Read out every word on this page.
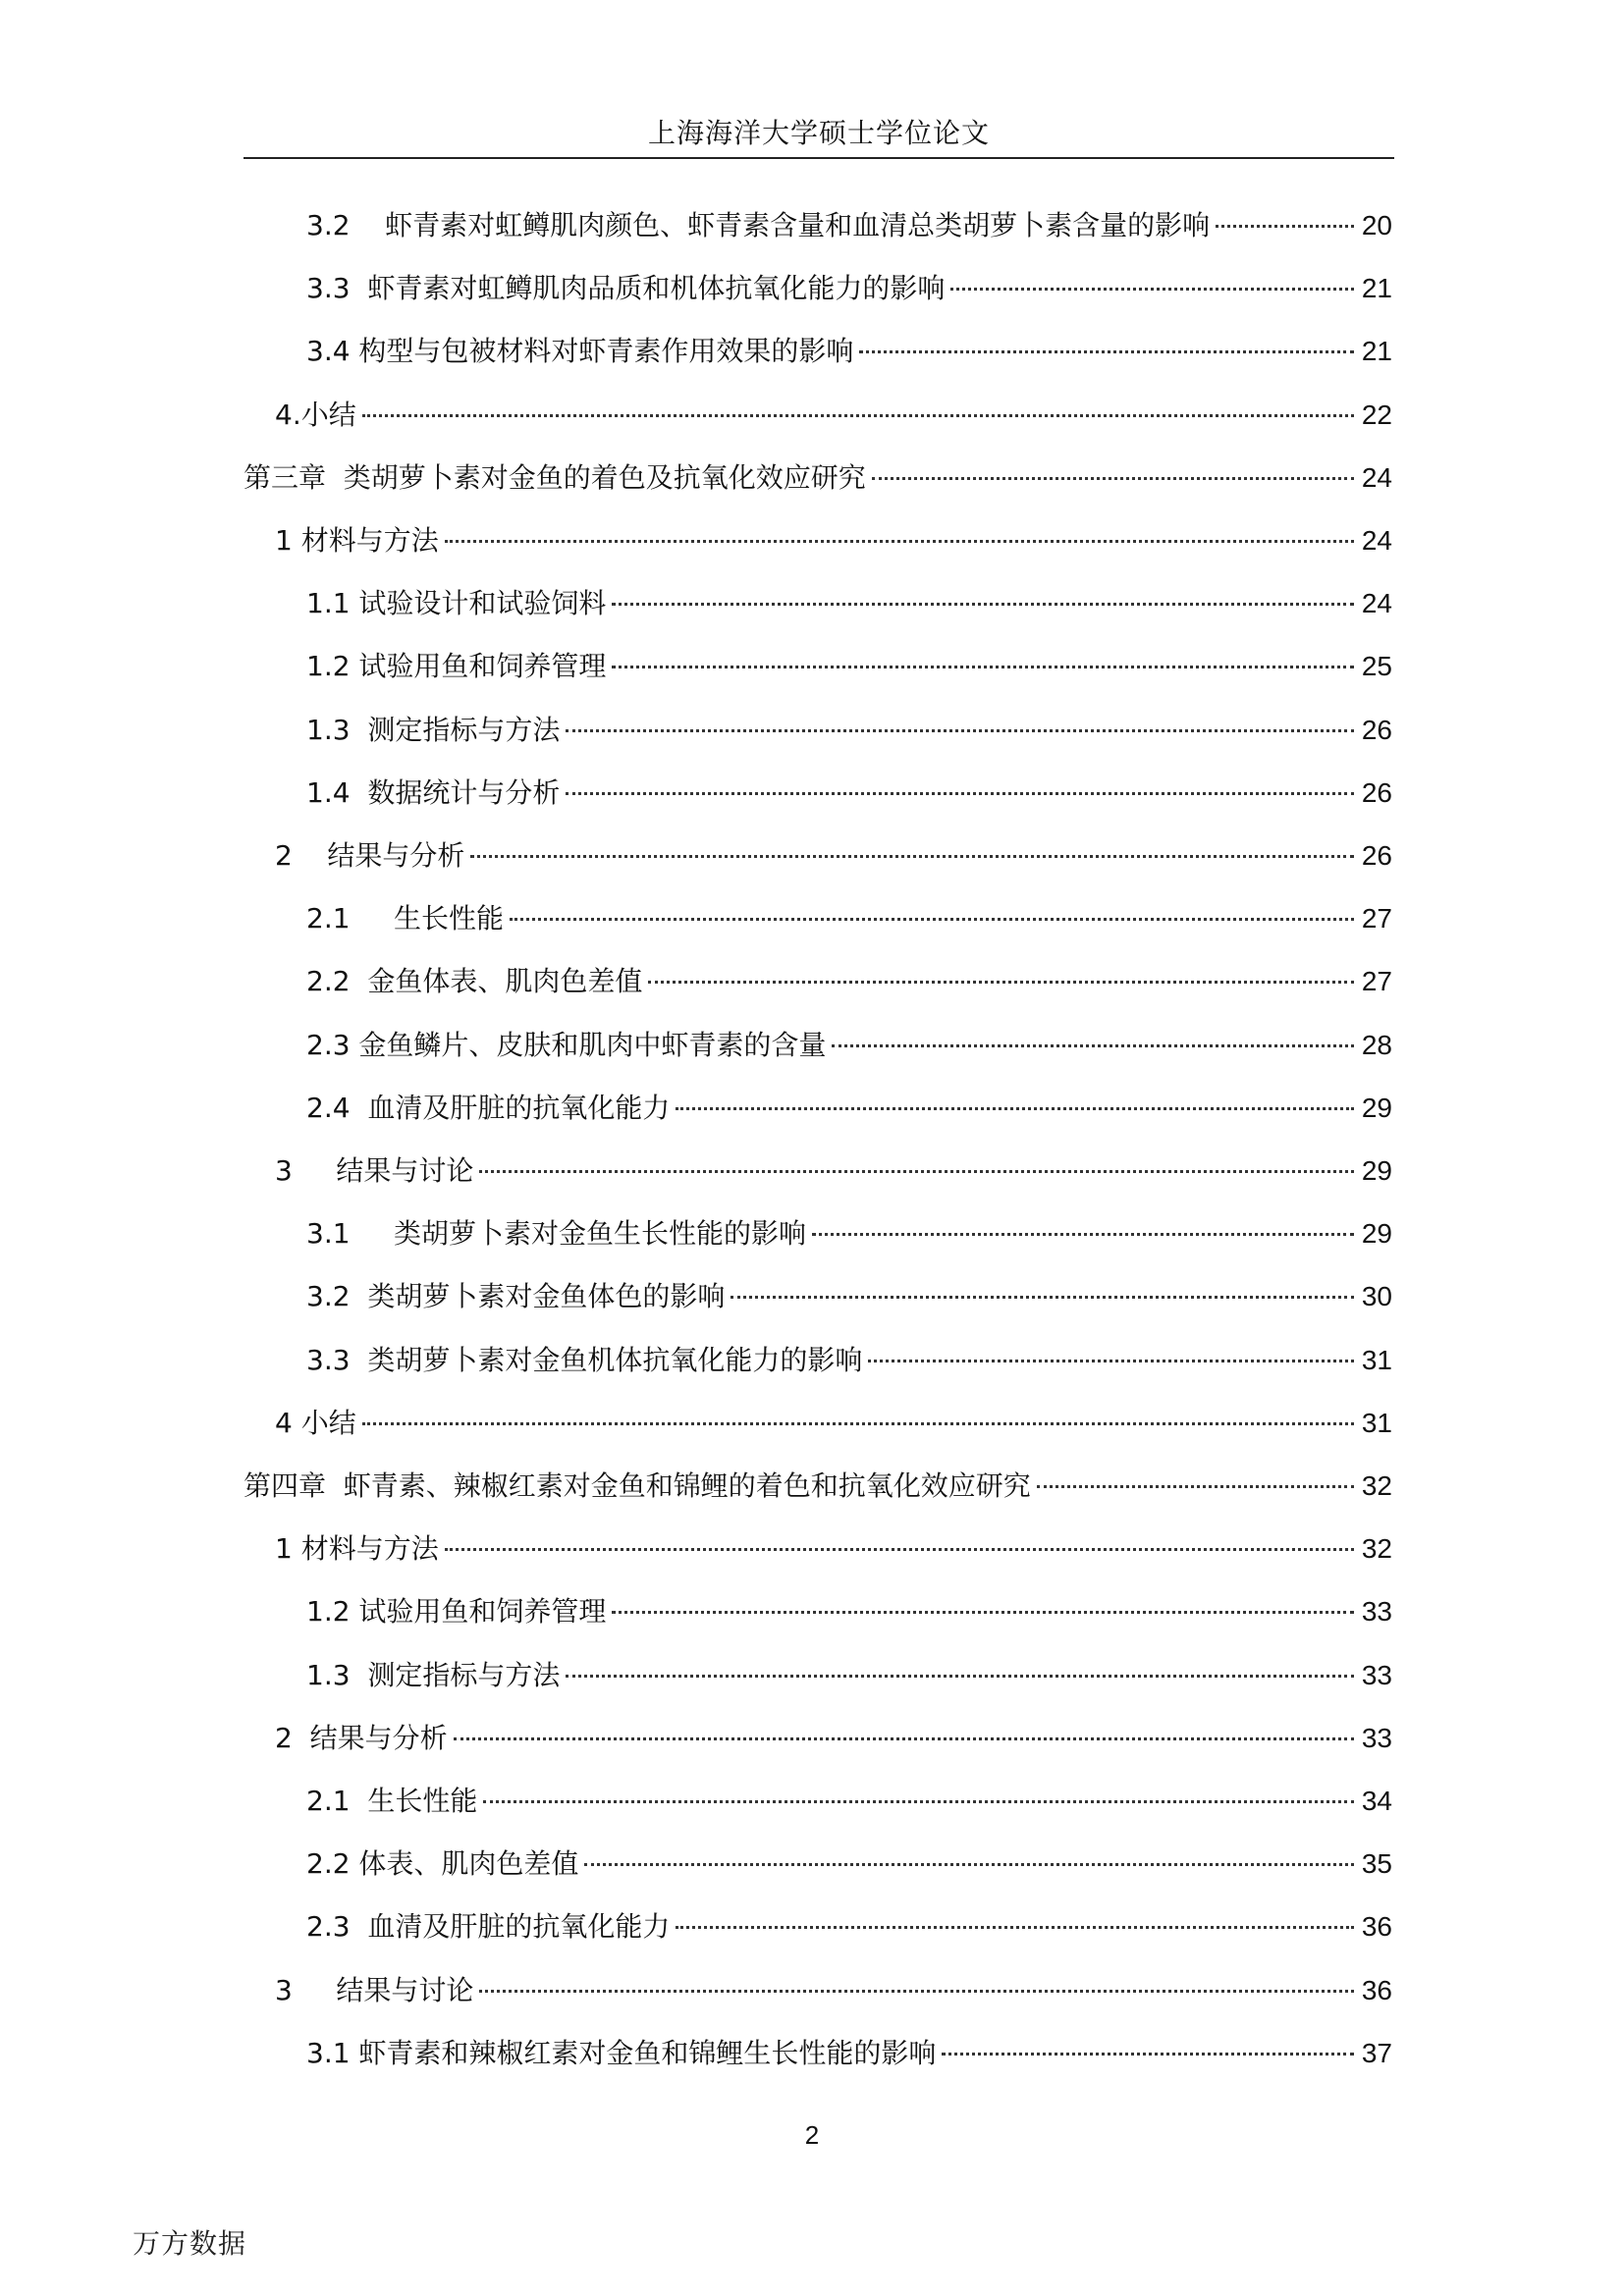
上海海洋大学硕士学位论文
3.2    虾青素对虹鳟肌肉颜色、虾青素含量和血清总类胡萝卜素含量的影响	20
3.3  虾青素对虹鳟肌肉品质和机体抗氧化能力的影响	21
3.4 构型与包被材料对虾青素作用效果的影响	21
4.小结	22
第三章  类胡萝卜素对金鱼的着色及抗氧化效应研究	24
1 材料与方法	24
1.1 试验设计和试验饲料	24
1.2 试验用鱼和饲养管理	25
1.3  测定指标与方法	26
1.4  数据统计与分析	26
2    结果与分析	26
2.1     生长性能	27
2.2  金鱼体表、肌肉色差值	27
2.3 金鱼鳞片、皮肤和肌肉中虾青素的含量	28
2.4  血清及肝脏的抗氧化能力	29
3     结果与讨论	29
3.1     类胡萝卜素对金鱼生长性能的影响	29
3.2  类胡萝卜素对金鱼体色的影响	30
3.3  类胡萝卜素对金鱼机体抗氧化能力的影响	31
4 小结	31
第四章  虾青素、辣椒红素对金鱼和锦鲤的着色和抗氧化效应研究	32
1 材料与方法	32
1.2 试验用鱼和饲养管理	33
1.3  测定指标与方法	33
2  结果与分析	33
2.1  生长性能	34
2.2 体表、肌肉色差值	35
2.3  血清及肝脏的抗氧化能力	36
3     结果与讨论	36
3.1 虾青素和辣椒红素对金鱼和锦鲤生长性能的影响	37
2
万方数据
